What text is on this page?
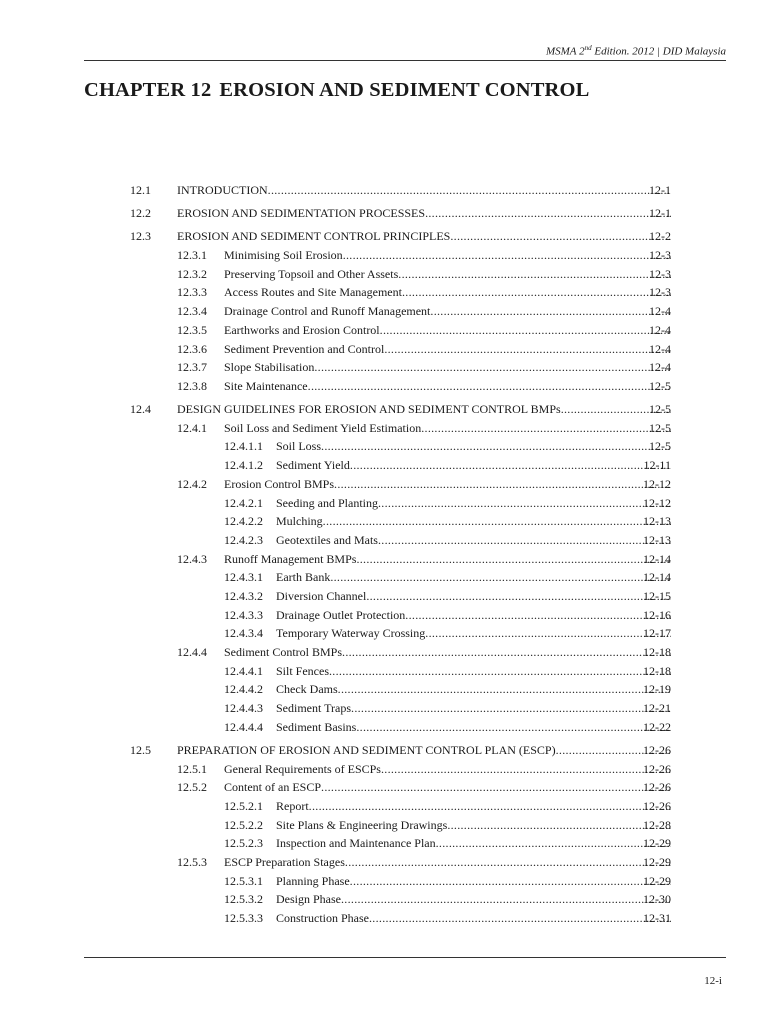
MSMA 2nd Edition. 2012 | DID Malaysia
CHAPTER 12 EROSION AND SEDIMENT CONTROL
12.1 INTRODUCTION .....	12-1
12.2 EROSION AND SEDIMENTATION PROCESSES .....	12-1
12.3 EROSION AND SEDIMENT CONTROL PRINCIPLES .....	12-2
12.3.1 Minimising Soil Erosion .....	12-3
12.3.2 Preserving Topsoil and Other Assets .....	12-3
12.3.3 Access Routes and Site Management .....	12-3
12.3.4 Drainage Control and Runoff Management .....	12-4
12.3.5 Earthworks and Erosion Control .....	12-4
12.3.6 Sediment Prevention and Control .....	12-4
12.3.7 Slope Stabilisation .....	12-4
12.3.8 Site Maintenance .....	12-5
12.4 DESIGN GUIDELINES FOR EROSION AND SEDIMENT CONTROL BMPs .....	12-5
12.4.1 Soil Loss and Sediment Yield Estimation .....	12-5
12.4.1.1 Soil Loss .....	12-5
12.4.1.2 Sediment Yield .....	12-11
12.4.2 Erosion Control BMPs .....	12-12
12.4.2.1 Seeding and Planting .....	12-12
12.4.2.2 Mulching .....	12-13
12.4.2.3 Geotextiles and Mats .....	12-13
12.4.3 Runoff Management BMPs .....	12-14
12.4.3.1 Earth Bank .....	12-14
12.4.3.2 Diversion Channel .....	12-15
12.4.3.3 Drainage Outlet Protection .....	12-16
12.4.3.4 Temporary Waterway Crossing .....	12-17
12.4.4 Sediment Control BMPs .....	12-18
12.4.4.1 Silt Fences .....	12-18
12.4.4.2 Check Dams .....	12-19
12.4.4.3 Sediment Traps .....	12-21
12.4.4.4 Sediment Basins .....	12-22
12.5 PREPARATION OF EROSION AND SEDIMENT CONTROL PLAN (ESCP) .....	12-26
12.5.1 General Requirements of ESCPs .....	12-26
12.5.2 Content of an ESCP .....	12-26
12.5.2.1 Report .....	12-26
12.5.2.2 Site Plans & Engineering Drawings .....	12-28
12.5.2.3 Inspection and Maintenance Plan .....	12-29
12.5.3 ESCP Preparation Stages .....	12-29
12.5.3.1 Planning Phase .....	12-29
12.5.3.2 Design Phase .....	12-30
12.5.3.3 Construction Phase .....	12-31
12-i
